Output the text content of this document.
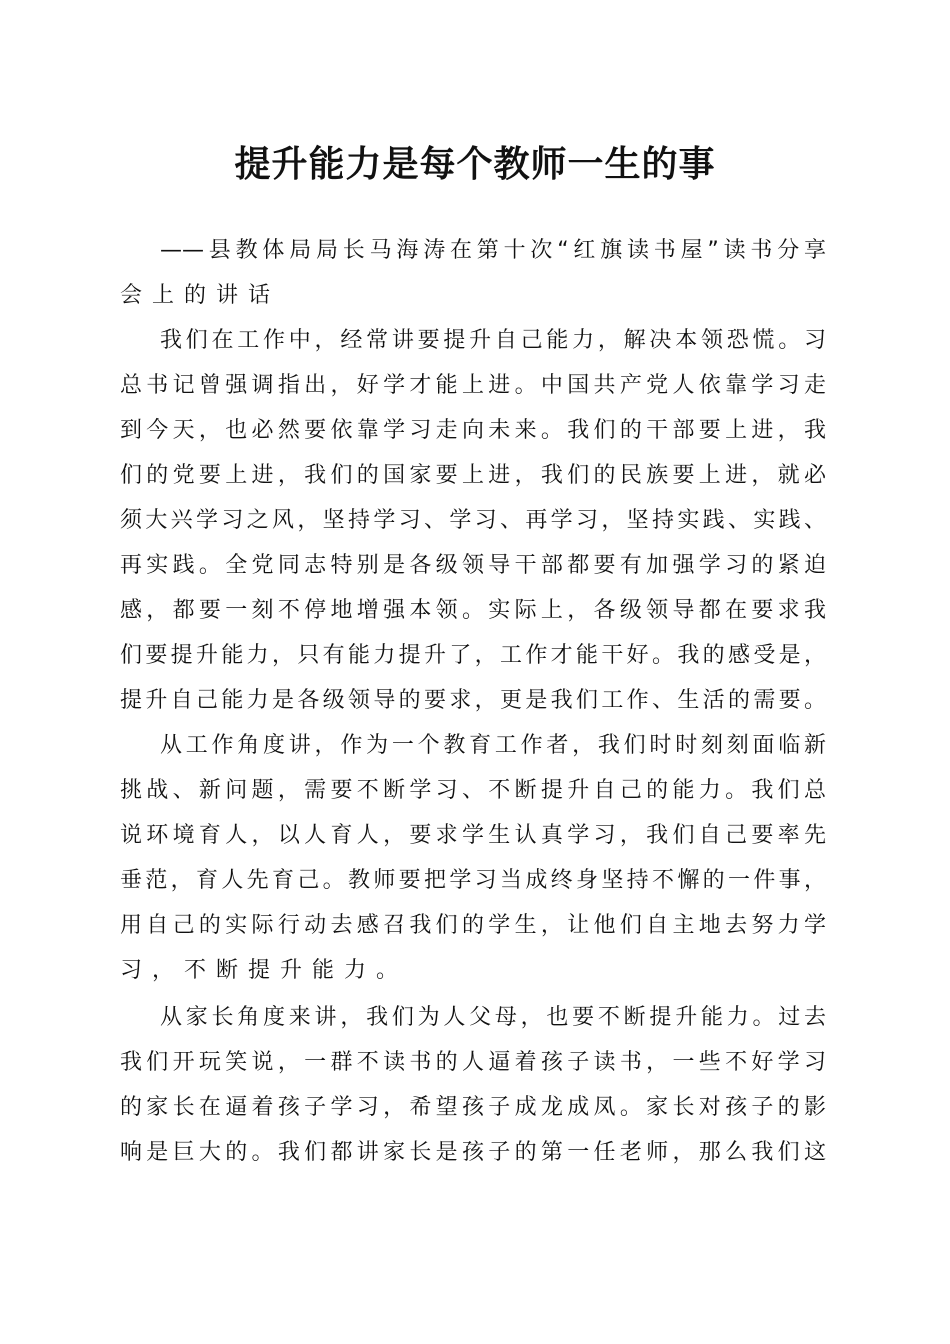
提升能力是每个教师一生的事
——县教体局局长马海涛在第十次“红旗读书屋”读书分享
会上的讲话
我们在工作中，经常讲要提升自己能力，解决本领恐慌。习
总书记曾强调指出，好学才能上进。中国共产党人依靠学习走
到今天，也必然要依靠学习走向未来。我们的干部要上进，我
们的党要上进，我们的国家要上进，我们的民族要上进，就必
须大兴学习之风，坚持学习、学习、再学习，坚持实践、实践、
再实践。全党同志特别是各级领导干部都要有加强学习的紧迫
感，都要一刻不停地增强本领。实际上，各级领导都在要求我
们要提升能力，只有能力提升了，工作才能干好。我的感受是，
提升自己能力是各级领导的要求，更是我们工作、生活的需要。
从工作角度讲，作为一个教育工作者，我们时时刻刻面临新
挑战、新问题，需要不断学习、不断提升自己的能力。我们总
说环境育人，以人育人，要求学生认真学习，我们自己要率先
垂范，育人先育己。教师要把学习当成终身坚持不懈的一件事，
用自己的实际行动去感召我们的学生，让他们自主地去努力学
习，不断提升能力。
从家长角度来讲，我们为人父母，也要不断提升能力。过去
我们开玩笑说，一群不读书的人逼着孩子读书，一些不好学习
的家长在逼着孩子学习，希望孩子成龙成凤。家长对孩子的影
响是巨大的。我们都讲家长是孩子的第一任老师，那么我们这
